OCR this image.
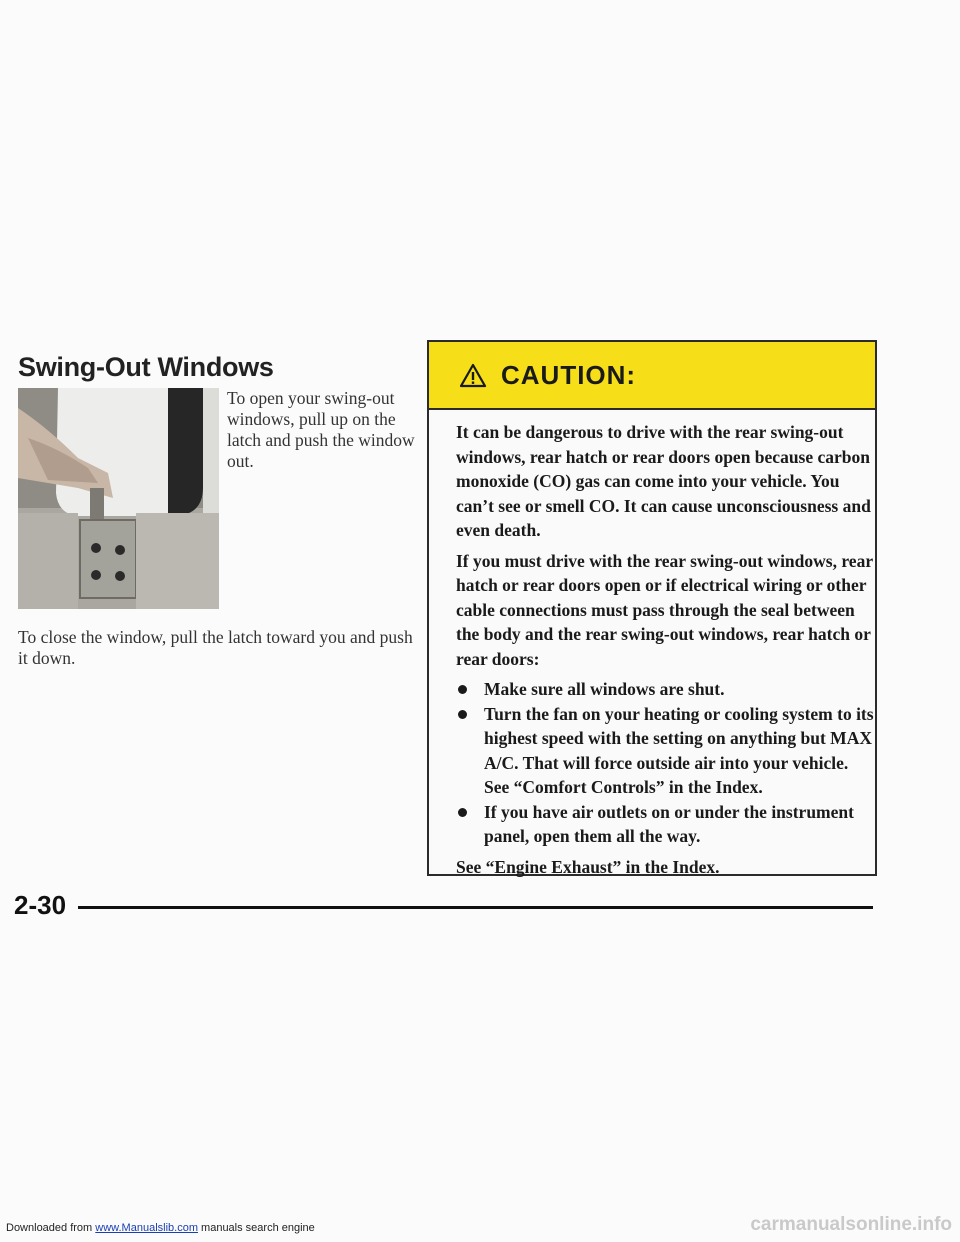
Swing-Out Windows

To open your swing-out windows, pull up on the latch and push the window out.

To close the window, pull the latch toward you and push it down.

CAUTION:

It can be dangerous to drive with the rear swing-out windows, rear hatch or rear doors open because carbon monoxide (CO) gas can come into your vehicle. You can’t see or smell CO. It can cause unconsciousness and even death.

If you must drive with the rear swing-out windows, rear hatch or rear doors open or if electrical wiring or other cable connections must pass through the seal between the body and the rear swing-out windows, rear hatch or rear doors:

Make sure all windows are shut.
Turn the fan on your heating or cooling system to its highest speed with the setting on anything but MAX A/C. That will force outside air into your vehicle. See “Comfort Controls” in the Index.
If you have air outlets on or under the instrument panel, open them all the way.

See “Engine Exhaust” in the Index.

2-30

Downloaded from www.Manualslib.com manuals search engine	carmanualsonline.info
